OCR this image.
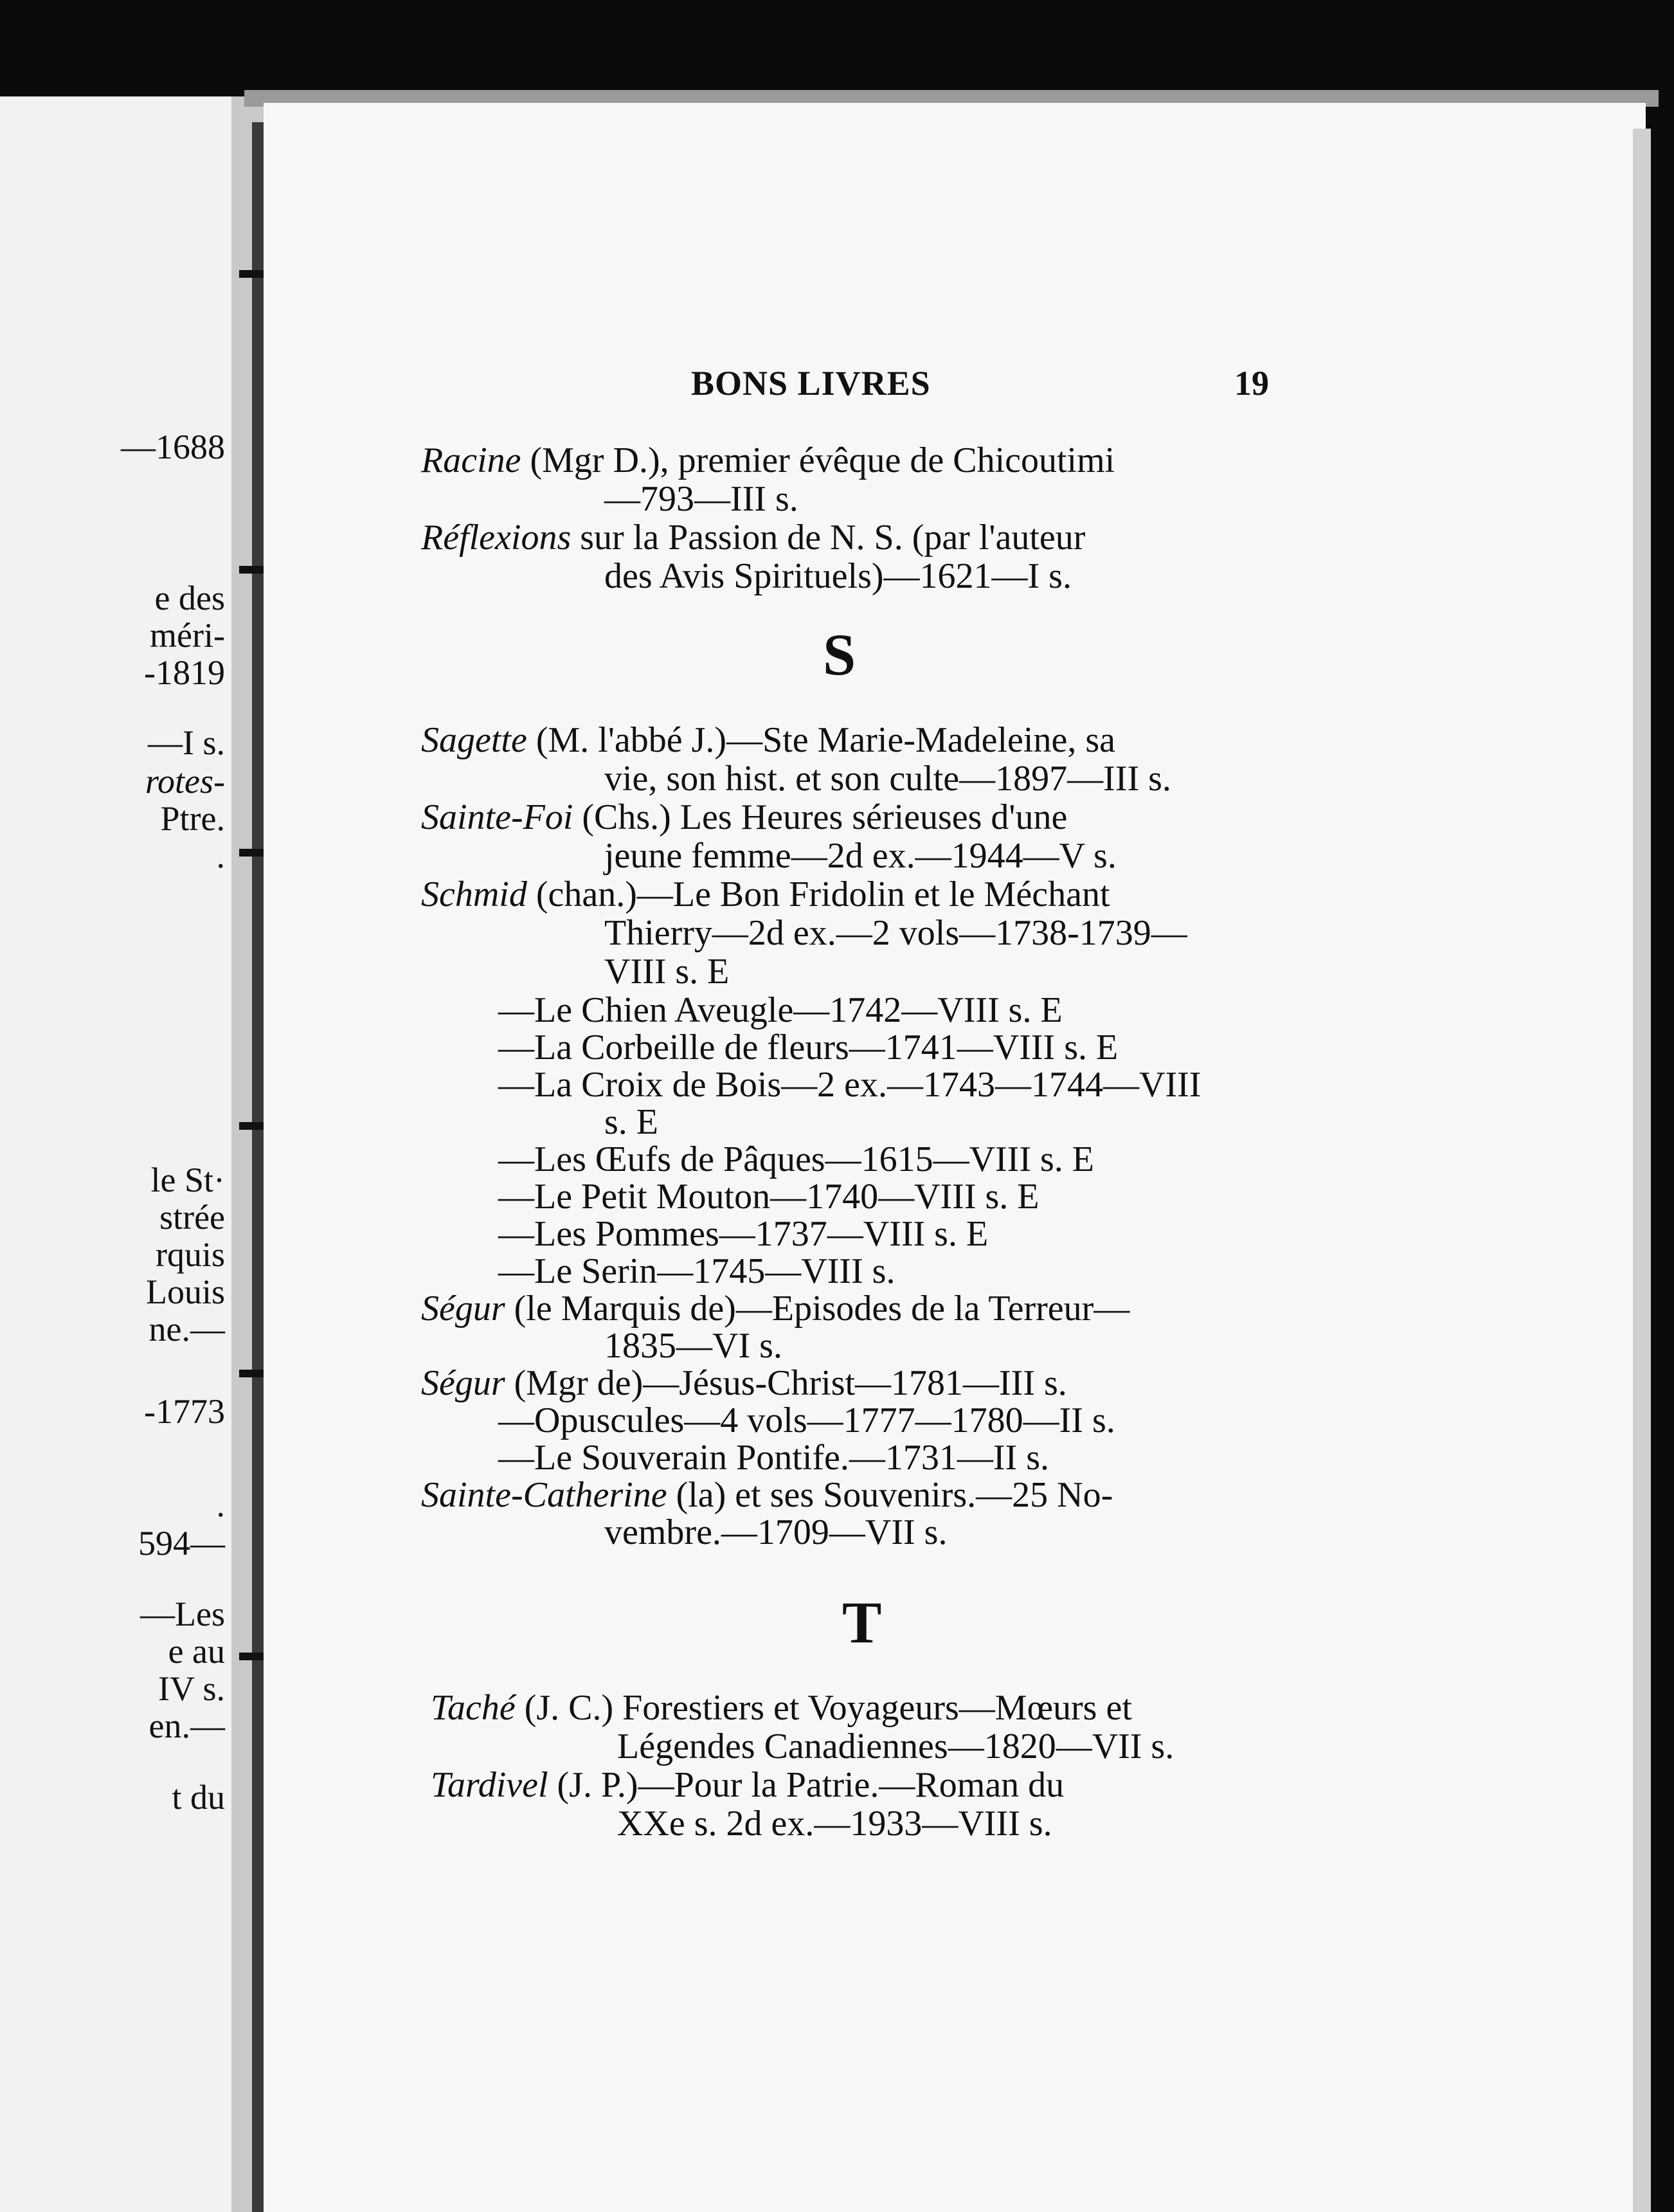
—1688
e des
méri-
-1819
—I s.
rotes-
Ptre.
.
le St·
strée
rquis
Louis
ne.—
-1773
.
594—
—Les
e au
IV s.
en.—
t du
BONS LIVRES	19
Racine (Mgr D.), premier évêque de Chicoutimi
—793—III s.
Réflexions sur la Passion de N. S. (par l'auteur
des Avis Spirituels)—1621—I s.
S
Sagette (M. l'abbé J.)—Ste Marie-Madeleine, sa
vie, son hist. et son culte—1897—III s.
Sainte-Foi (Chs.) Les Heures sérieuses d'une
jeune femme—2d ex.—1944—V s.
Schmid (chan.)—Le Bon Fridolin et le Méchant
Thierry—2d ex.—2 vols—1738-1739—
VIII s. E
—Le Chien Aveugle—1742—VIII s. E
—La Corbeille de fleurs—1741—VIII s. E
—La Croix de Bois—2 ex.—1743—1744—VIII
s. E
—Les Œufs de Pâques—1615—VIII s. E
—Le Petit Mouton—1740—VIII s. E
—Les Pommes—1737—VIII s. E
—Le Serin—1745—VIII s.
Ségur (le Marquis de)—Episodes de la Terreur—
1835—VI s.
Ségur (Mgr de)—Jésus-Christ—1781—III s.
—Opuscules—4 vols—1777—1780—II s.
—Le Souverain Pontife.—1731—II s.
Sainte-Catherine (la) et ses Souvenirs.—25 No-
vembre.—1709—VII s.
T
Taché (J. C.) Forestiers et Voyageurs—Mœurs et
Légendes Canadiennes—1820—VII s.
Tardivel (J. P.)—Pour la Patrie.—Roman du
XXe s. 2d ex.—1933—VIII s.
